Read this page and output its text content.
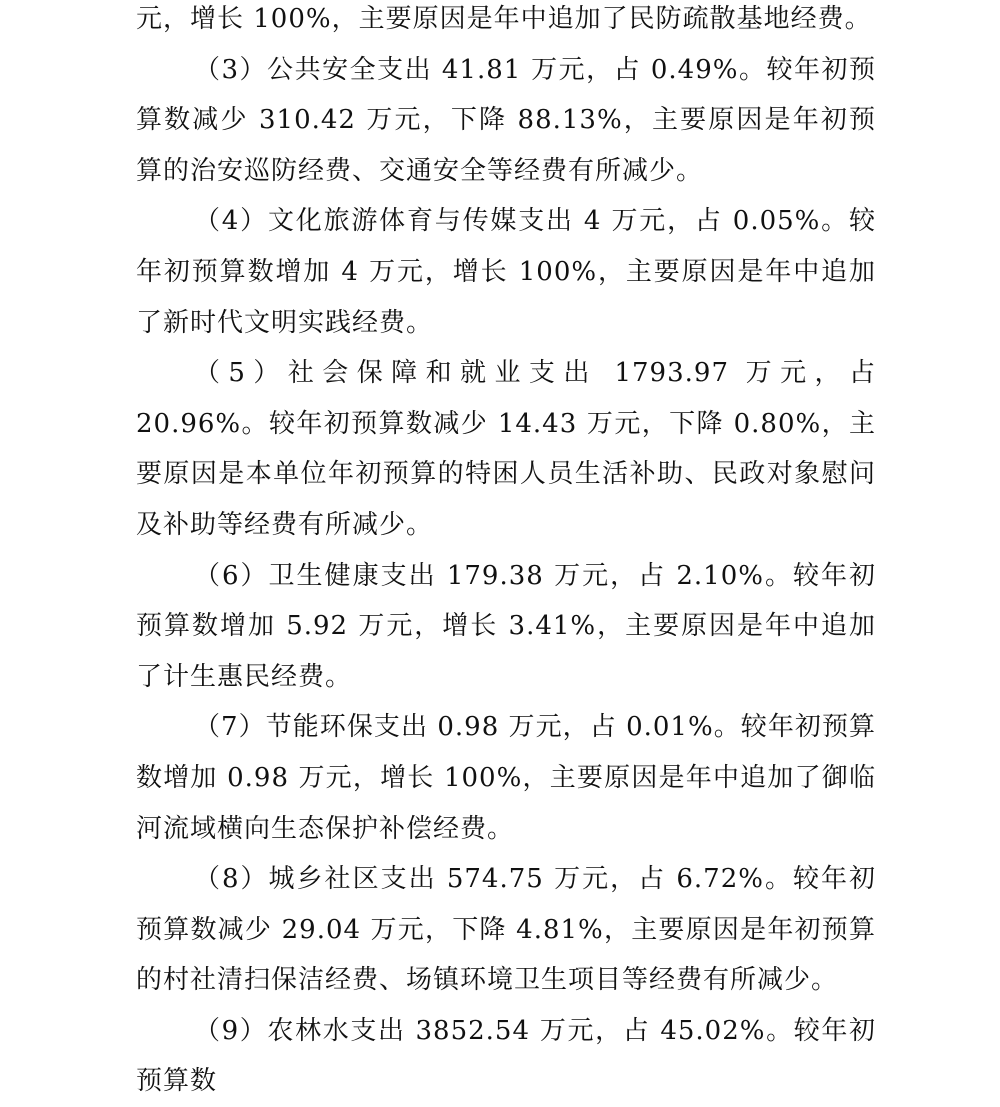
元，增长 100%，主要原因是年中追加了民防疏散基地经费。

（3）公共安全支出 41.81 万元，占 0.49%。较年初预算数减少 310.42 万元，下降 88.13%，主要原因是年初预算的治安巡防经费、交通安全等经费有所减少。

（4）文化旅游体育与传媒支出 4 万元，占 0.05%。较年初预算数增加 4 万元，增长 100%，主要原因是年中追加了新时代文明实践经费。

（5）社会保障和就业支出 1793.97 万元，占 20.96%。较年初预算数减少 14.43 万元，下降 0.80%，主要原因是本单位年初预算的特困人员生活补助、民政对象慰问及补助等经费有所减少。

（6）卫生健康支出 179.38 万元，占 2.10%。较年初预算数增加 5.92 万元，增长 3.41%，主要原因是年中追加了计生惠民经费。

（7）节能环保支出 0.98 万元，占 0.01%。较年初预算数增加 0.98 万元，增长 100%，主要原因是年中追加了御临河流域横向生态保护补偿经费。

（8）城乡社区支出 574.75 万元，占 6.72%。较年初预算数减少 29.04 万元，下降 4.81%，主要原因是年初预算的村社清扫保洁经费、场镇环境卫生项目等经费有所减少。

（9）农林水支出 3852.54 万元，占 45.02%。较年初预算数
